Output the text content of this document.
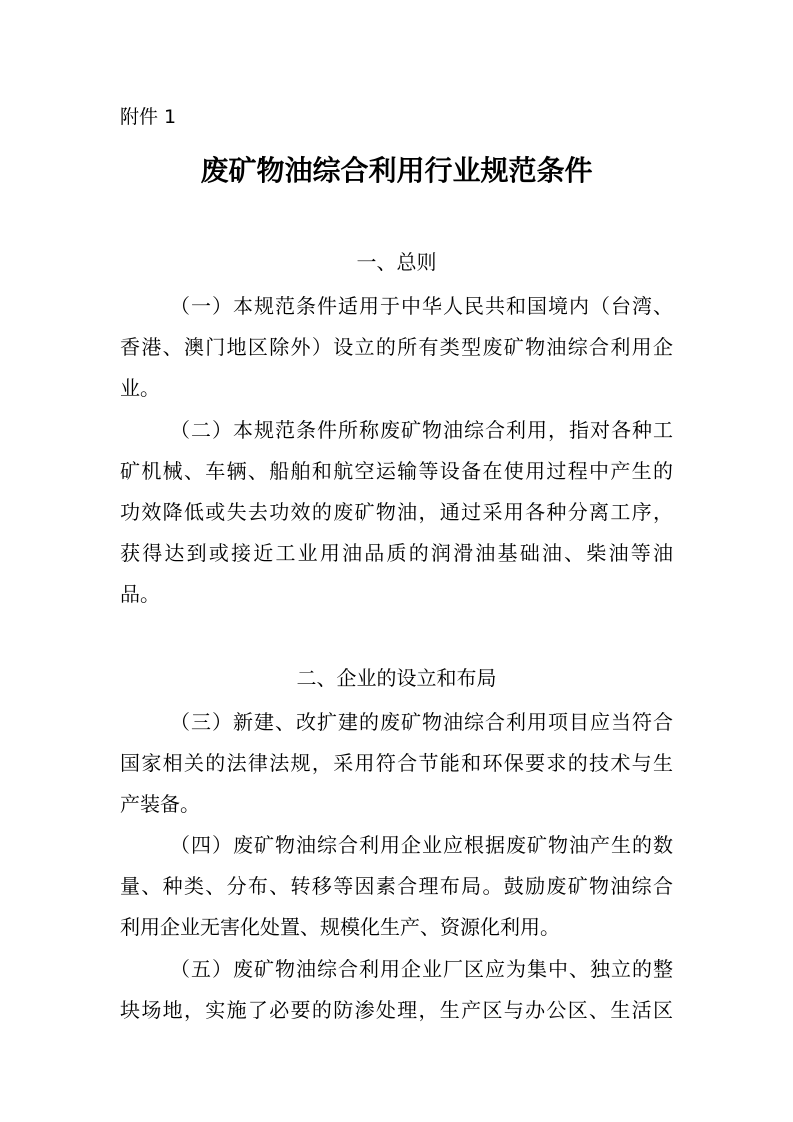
附件 1
废矿物油综合利用行业规范条件
一、总则
（一）本规范条件适用于中华人民共和国境内（台湾、
香港、澳门地区除外）设立的所有类型废矿物油综合利用企
业。
（二）本规范条件所称废矿物油综合利用，指对各种工
矿机械、车辆、船舶和航空运输等设备在使用过程中产生的
功效降低或失去功效的废矿物油，通过采用各种分离工序，
获得达到或接近工业用油品质的润滑油基础油、柴油等油
品。
二、企业的设立和布局
（三）新建、改扩建的废矿物油综合利用项目应当符合
国家相关的法律法规，采用符合节能和环保要求的技术与生
产装备。
（四）废矿物油综合利用企业应根据废矿物油产生的数
量、种类、分布、转移等因素合理布局。鼓励废矿物油综合
利用企业无害化处置、规模化生产、资源化利用。
（五）废矿物油综合利用企业厂区应为集中、独立的整
块场地，实施了必要的防渗处理，生产区与办公区、生活区
